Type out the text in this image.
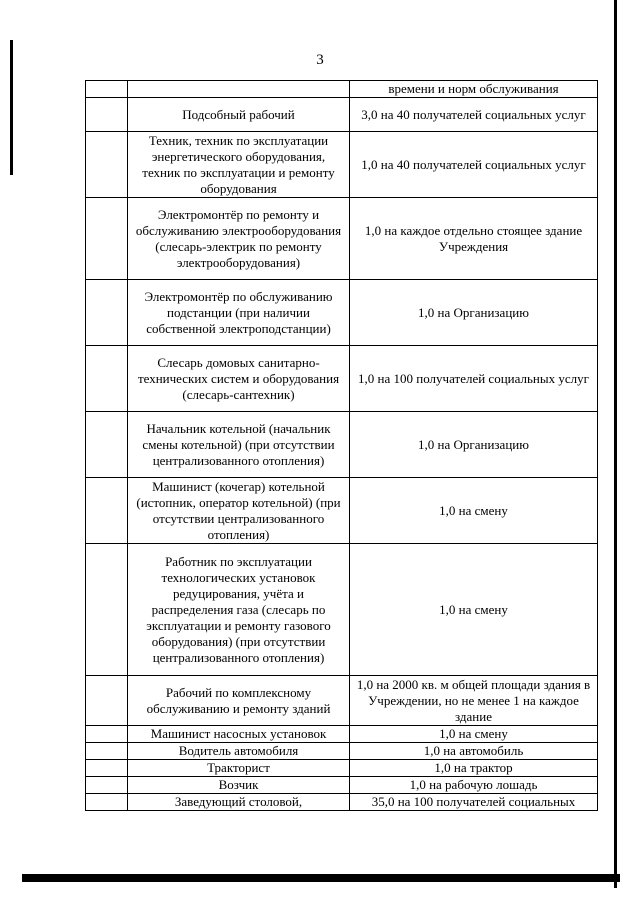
3
		времени и норм обслуживания
	Подсобный рабочий	3,0 на 40 получателей социальных услуг
	Техник, техник по эксплуатации энергетического оборудования, техник по эксплуатации и ремонту оборудования	1,0 на 40 получателей социальных услуг
	Электромонтёр по ремонту и обслуживанию электрооборудования (слесарь-электрик по ремонту электрооборудования)	1,0 на каждое отдельно стоящее здание Учреждения
	Электромонтёр по обслуживанию подстанции (при наличии собственной электроподстанции)	1,0 на Организацию
	Слесарь домовых санитарно-технических систем и оборудования (слесарь-сантехник)	1,0 на 100 получателей социальных услуг
	Начальник котельной (начальник смены котельной) (при отсутствии централизованного отопления)	1,0 на Организацию
	Машинист (кочегар) котельной (истопник, оператор котельной) (при отсутствии централизованного отопления)	1,0 на смену
	Работник по эксплуатации технологических установок редуцирования, учёта и распределения газа (слесарь по эксплуатации и ремонту газового оборудования) (при отсутствии централизованного отопления)	1,0 на смену
	Рабочий по комплексному обслуживанию и ремонту зданий	1,0 на 2000 кв. м общей площади здания в Учреждении, но не менее 1 на каждое здание
	Машинист насосных установок	1,0 на смену
	Водитель автомобиля	1,0 на автомобиль
	Тракторист	1,0 на трактор
	Возчик	1,0 на рабочую лошадь
	Заведующий столовой,	35,0 на 100 получателей социальных
